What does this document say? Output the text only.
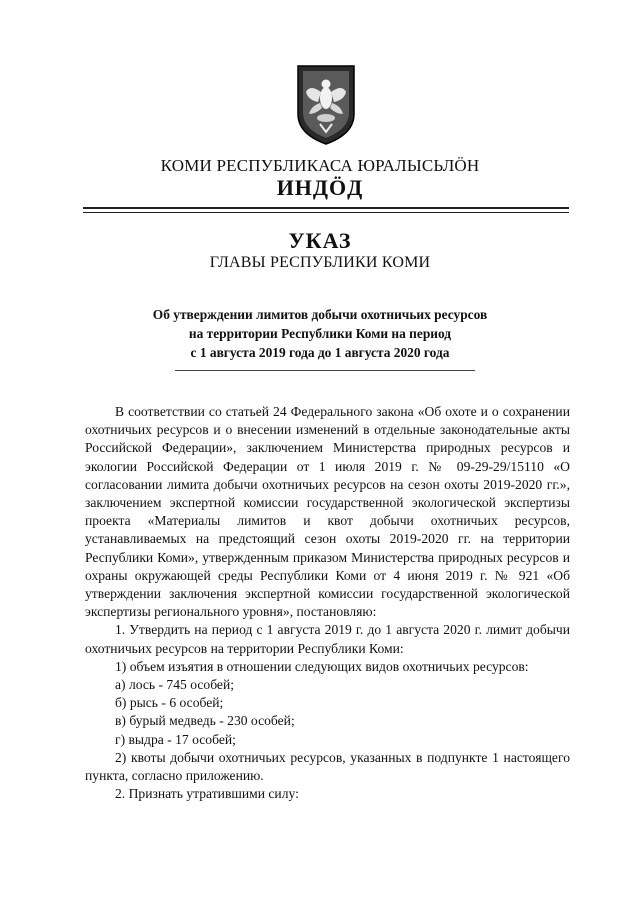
КОМИ РЕСПУБЛИКАСА ЮРАЛЫСЬЛӦН
ИНДӦД
УКАЗ
ГЛАВЫ РЕСПУБЛИКИ КОМИ
Об утверждении лимитов добычи охотничьих ресурсов
на территории Республики Коми на период
с 1 августа 2019 года до 1 августа 2020 года

В соответствии со статьей 24 Федерального закона «Об охоте и о сохранении охотничьих ресурсов и о внесении изменений в отдельные законодательные акты Российской Федерации», заключением Министерства природных ресурсов и экологии Российской Федерации от 1 июля 2019 г. № 09-29-29/15110 «О согласовании лимита добычи охотничьих ресурсов на сезон охоты 2019-2020 гг.», заключением экспертной комиссии государственной экологической экспертизы проекта «Материалы лимитов и квот добычи охотничьих ресурсов, устанавливаемых на предстоящий сезон охоты 2019-2020 гг. на территории Республики Коми», утвержденным приказом Министерства природных ресурсов и охраны окружающей среды Республики Коми от 4 июня 2019 г. № 921 «Об утверждении заключения экспертной комиссии государственной экологической экспертизы регионального уровня», постановляю:

1. Утвердить на период с 1 августа 2019 г. до 1 августа 2020 г. лимит добычи охотничьих ресурсов на территории Республики Коми:

1) объем изъятия в отношении следующих видов охотничьих ресурсов:

а) лось - 745 особей;

б) рысь - 6 особей;

в) бурый медведь - 230 особей;

г) выдра - 17 особей;

2) квоты добычи охотничьих ресурсов, указанных в подпункте 1 настоящего пункта, согласно приложению.

2. Признать утратившими силу:
